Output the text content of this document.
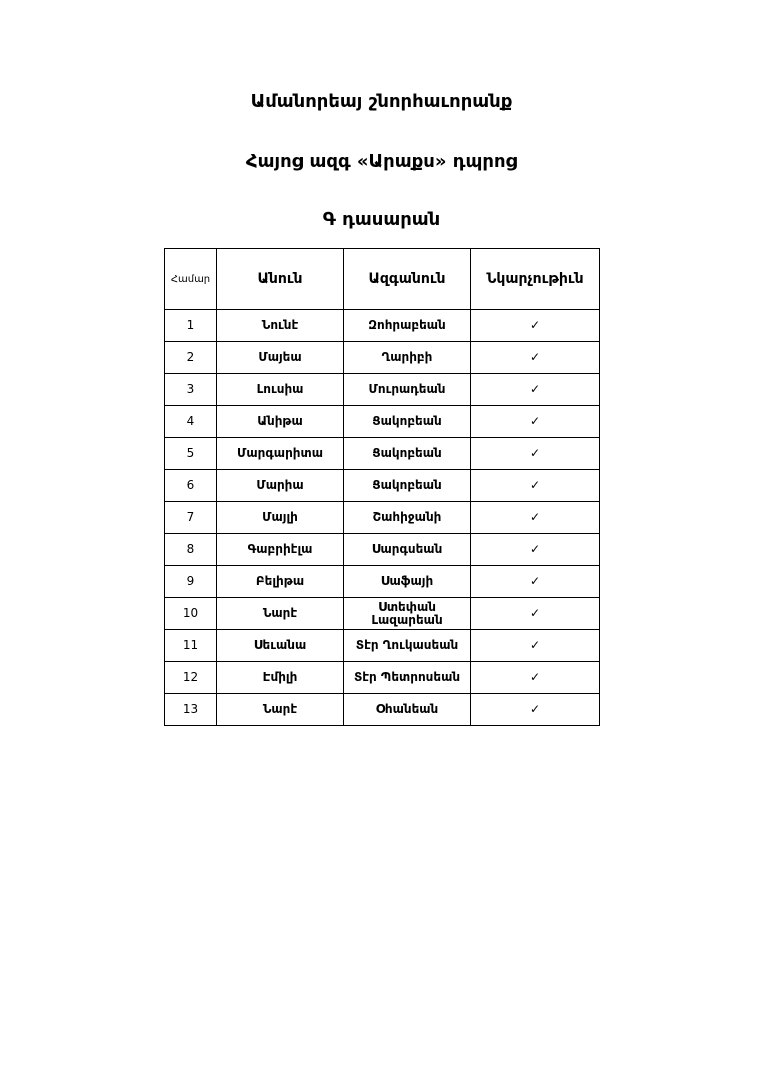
Ամանորեայ շնորհաւորանք
Հայոց ազգ «Արաքս» դպրոց
Գ դասարան
Համար	Անուն	Ազգանուն	Նկարչութիւն
1	Նունէ	Զոհրաբեան	✓
2	Մայեա	Ղարիբի	✓
3	Լուսիա	Մուրադեան	✓
4	Անիթա	Ցակոբեան	✓
5	Մարգարիտա	Ցակոբեան	✓
6	Մարիա	Ցակոբեան	✓
7	Մայլի	Շահիջանի	✓
8	Գաբրիէլա	Սարգսեան	✓
9	Բելիթա	Սաֆայի	✓
10	Նարէ	Ստեփան Լազարեան	✓
11	Սեւանա	Տէր Ղուկասեան	✓
12	Էմիլի	Տէր Պետրոսեան	✓
13	Նարէ	Օհանեան	✓
